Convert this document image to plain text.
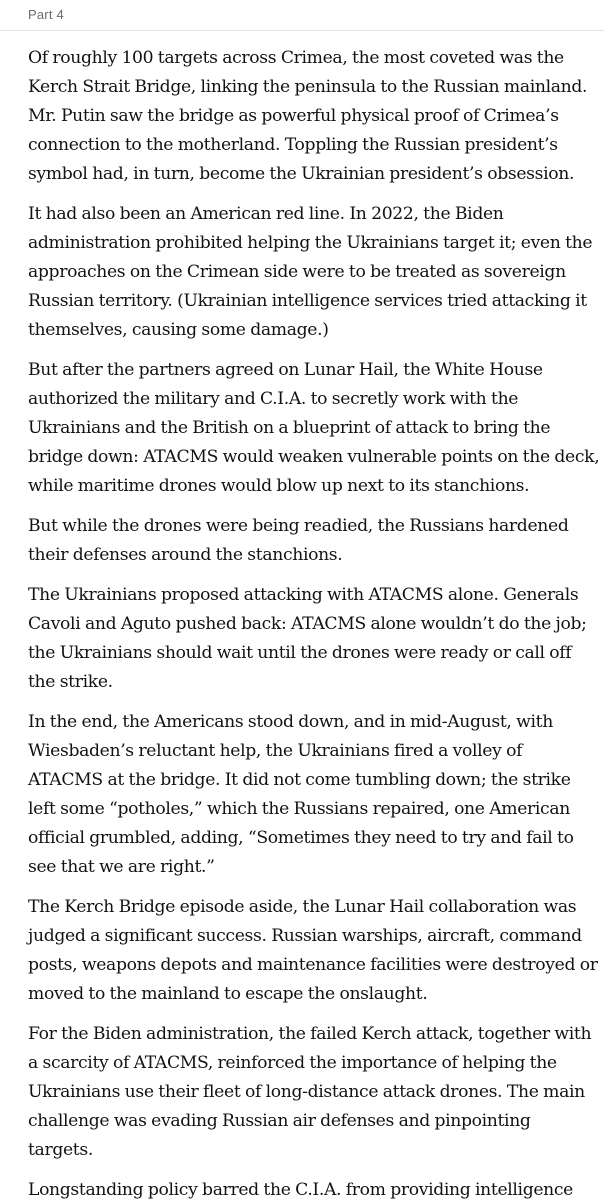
Part 4

Of roughly 100 targets across Crimea, the most coveted was the Kerch Strait Bridge, linking the peninsula to the Russian mainland. Mr. Putin saw the bridge as powerful physical proof of Crimea’s connection to the motherland. Toppling the Russian president’s symbol had, in turn, become the Ukrainian president’s obsession.

It had also been an American red line. In 2022, the Biden administration prohibited helping the Ukrainians target it; even the approaches on the Crimean side were to be treated as sovereign Russian territory. (Ukrainian intelligence services tried attacking it themselves, causing some damage.)

But after the partners agreed on Lunar Hail, the White House authorized the military and C.I.A. to secretly work with the Ukrainians and the British on a blueprint of attack to bring the bridge down: ATACMS would weaken vulnerable points on the deck, while maritime drones would blow up next to its stanchions.

But while the drones were being readied, the Russians hardened their defenses around the stanchions.

The Ukrainians proposed attacking with ATACMS alone. Generals Cavoli and Aguto pushed back: ATACMS alone wouldn’t do the job; the Ukrainians should wait until the drones were ready or call off the strike.

In the end, the Americans stood down, and in mid-August, with Wiesbaden’s reluctant help, the Ukrainians fired a volley of ATACMS at the bridge. It did not come tumbling down; the strike left some “potholes,” which the Russians repaired, one American official grumbled, adding, “Sometimes they need to try and fail to see that we are right.”

The Kerch Bridge episode aside, the Lunar Hail collaboration was judged a significant success. Russian warships, aircraft, command posts, weapons depots and maintenance facilities were destroyed or moved to the mainland to escape the onslaught.

For the Biden administration, the failed Kerch attack, together with a scarcity of ATACMS, reinforced the importance of helping the Ukrainians use their fleet of long-distance attack drones. The main challenge was evading Russian air defenses and pinpointing targets.

Longstanding policy barred the C.I.A. from providing intelligence
